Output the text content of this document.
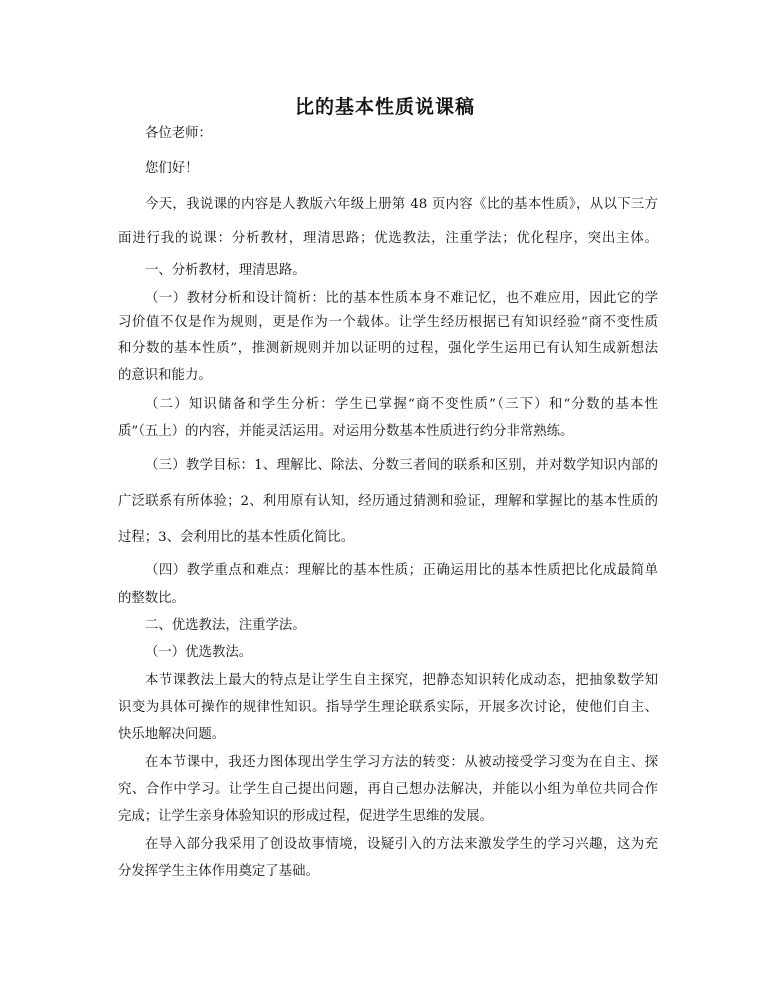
比的基本性质说课稿
各位老师：
您们好！
今天，我说课的内容是人教版六年级上册第 48 页内容《比的基本性质》，从以下三方
面进行我的说课：分析教材，理清思路；优选教法，注重学法；优化程序，突出主体。
一、分析教材，理清思路。
（一）教材分析和设计简析：比的基本性质本身不难记忆，也不难应用，因此它的学
习价值不仅是作为规则，更是作为一个载体。让学生经历根据已有知识经验“商不变性质
和分数的基本性质”，推测新规则并加以证明的过程，强化学生运用已有认知生成新想法
的意识和能力。
（二）知识储备和学生分析：学生已掌握“商不变性质”（三下）和“分数的基本性
质”（五上）的内容，并能灵活运用。对运用分数基本性质进行约分非常熟练。
（三）教学目标：1、理解比、除法、分数三者间的联系和区别，并对数学知识内部的
广泛联系有所体验；2、利用原有认知，经历通过猜测和验证，理解和掌握比的基本性质的
过程；3、会利用比的基本性质化简比。
（四）教学重点和难点：理解比的基本性质；正确运用比的基本性质把比化成最简单
的整数比。
二、优选教法，注重学法。
（一）优选教法。
本节课教法上最大的特点是让学生自主探究，把静态知识转化成动态，把抽象数学知
识变为具体可操作的规律性知识。指导学生理论联系实际，开展多次讨论，使他们自主、
快乐地解决问题。
在本节课中，我还力图体现出学生学习方法的转变：从被动接受学习变为在自主、探
究、合作中学习。让学生自己提出问题，再自己想办法解决，并能以小组为单位共同合作
完成；让学生亲身体验知识的形成过程，促进学生思维的发展。
在导入部分我采用了创设故事情境，设疑引入的方法来激发学生的学习兴趣，这为充
分发挥学生主体作用奠定了基础。
